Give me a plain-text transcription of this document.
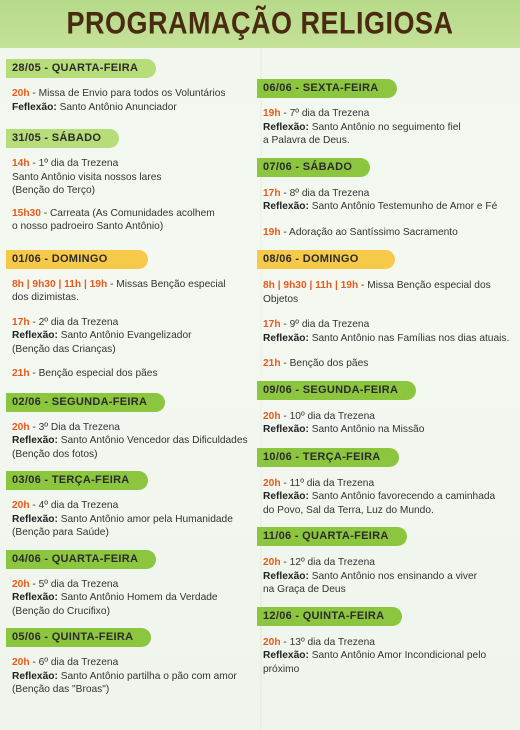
PROGRAMAÇÃO RELIGIOSA
28/05 - QUARTA-FEIRA
20h - Missa de Envio para todos os Voluntários
Feflexão: Santo Antônio Anunciador
31/05 - SÁBADO
14h - 1º dia da Trezena
Santo Antônio visita nossos lares
(Benção do Terço)
15h30 - Carreata (As Comunidades acolhem
o nosso padroeiro Santo Antônio)
01/06 - DOMINGO
8h | 9h30 | 11h | 19h - Missas Benção especial
dos dizimistas.
17h - 2º dia da Trezena
Reflexão: Santo Antônio Evangelizador
(Benção das Crianças)
21h - Benção especial dos pães
02/06 - SEGUNDA-FEIRA
20h - 3º Dia da Trezena
Reflexão: Santo Antônio Vencedor das Dificuldades
(Benção dos fotos)
03/06 - TERÇA-FEIRA
20h - 4º dia da Trezena
Reflexão: Santo Antônio amor pela Humanidade
(Benção para Saúde)
04/06 - QUARTA-FEIRA
20h - 5º dia da Trezena
Reflexão: Santo Antônio Homem da Verdade
(Benção do Crucifixo)
05/06 - QUINTA-FEIRA
20h - 6º dia da Trezena
Reflexão: Santo Antônio partilha o pão com amor
(Benção das "Broas")
06/06 - SEXTA-FEIRA
19h - 7º dia da Trezena
Reflexão: Santo Antônio no seguimento fiel
a Palavra de Deus.
07/06 - SÁBADO
17h - 8º dia da Trezena
Reflexão: Santo Antônio Testemunho de Amor e Fé
19h - Adoração ao Santíssimo Sacramento
08/06 - DOMINGO
8h | 9h30 | 11h | 19h - Missa Benção especial dos Objetos
17h - 9º dia da Trezena
Reflexão: Santo Antônio nas Famílias nos dias atuais.
21h - Benção dos pães
09/06 - SEGUNDA-FEIRA
20h - 10º dia da Trezena
Reflexão: Santo Antônio na Missão
10/06 - TERÇA-FEIRA
20h - 11º dia da Trezena
Reflexão: Santo Antônio favorecendo a caminhada
do Povo, Sal da Terra, Luz do Mundo.
11/06 - QUARTA-FEIRA
20h - 12º dia da Trezena
Reflexão: Santo Antônio nos ensinando a viver
na Graça de Deus
12/06 - QUINTA-FEIRA
20h - 13º dia da Trezena
Reflexão: Santo Antônio Amor Incondicional pelo próximo
